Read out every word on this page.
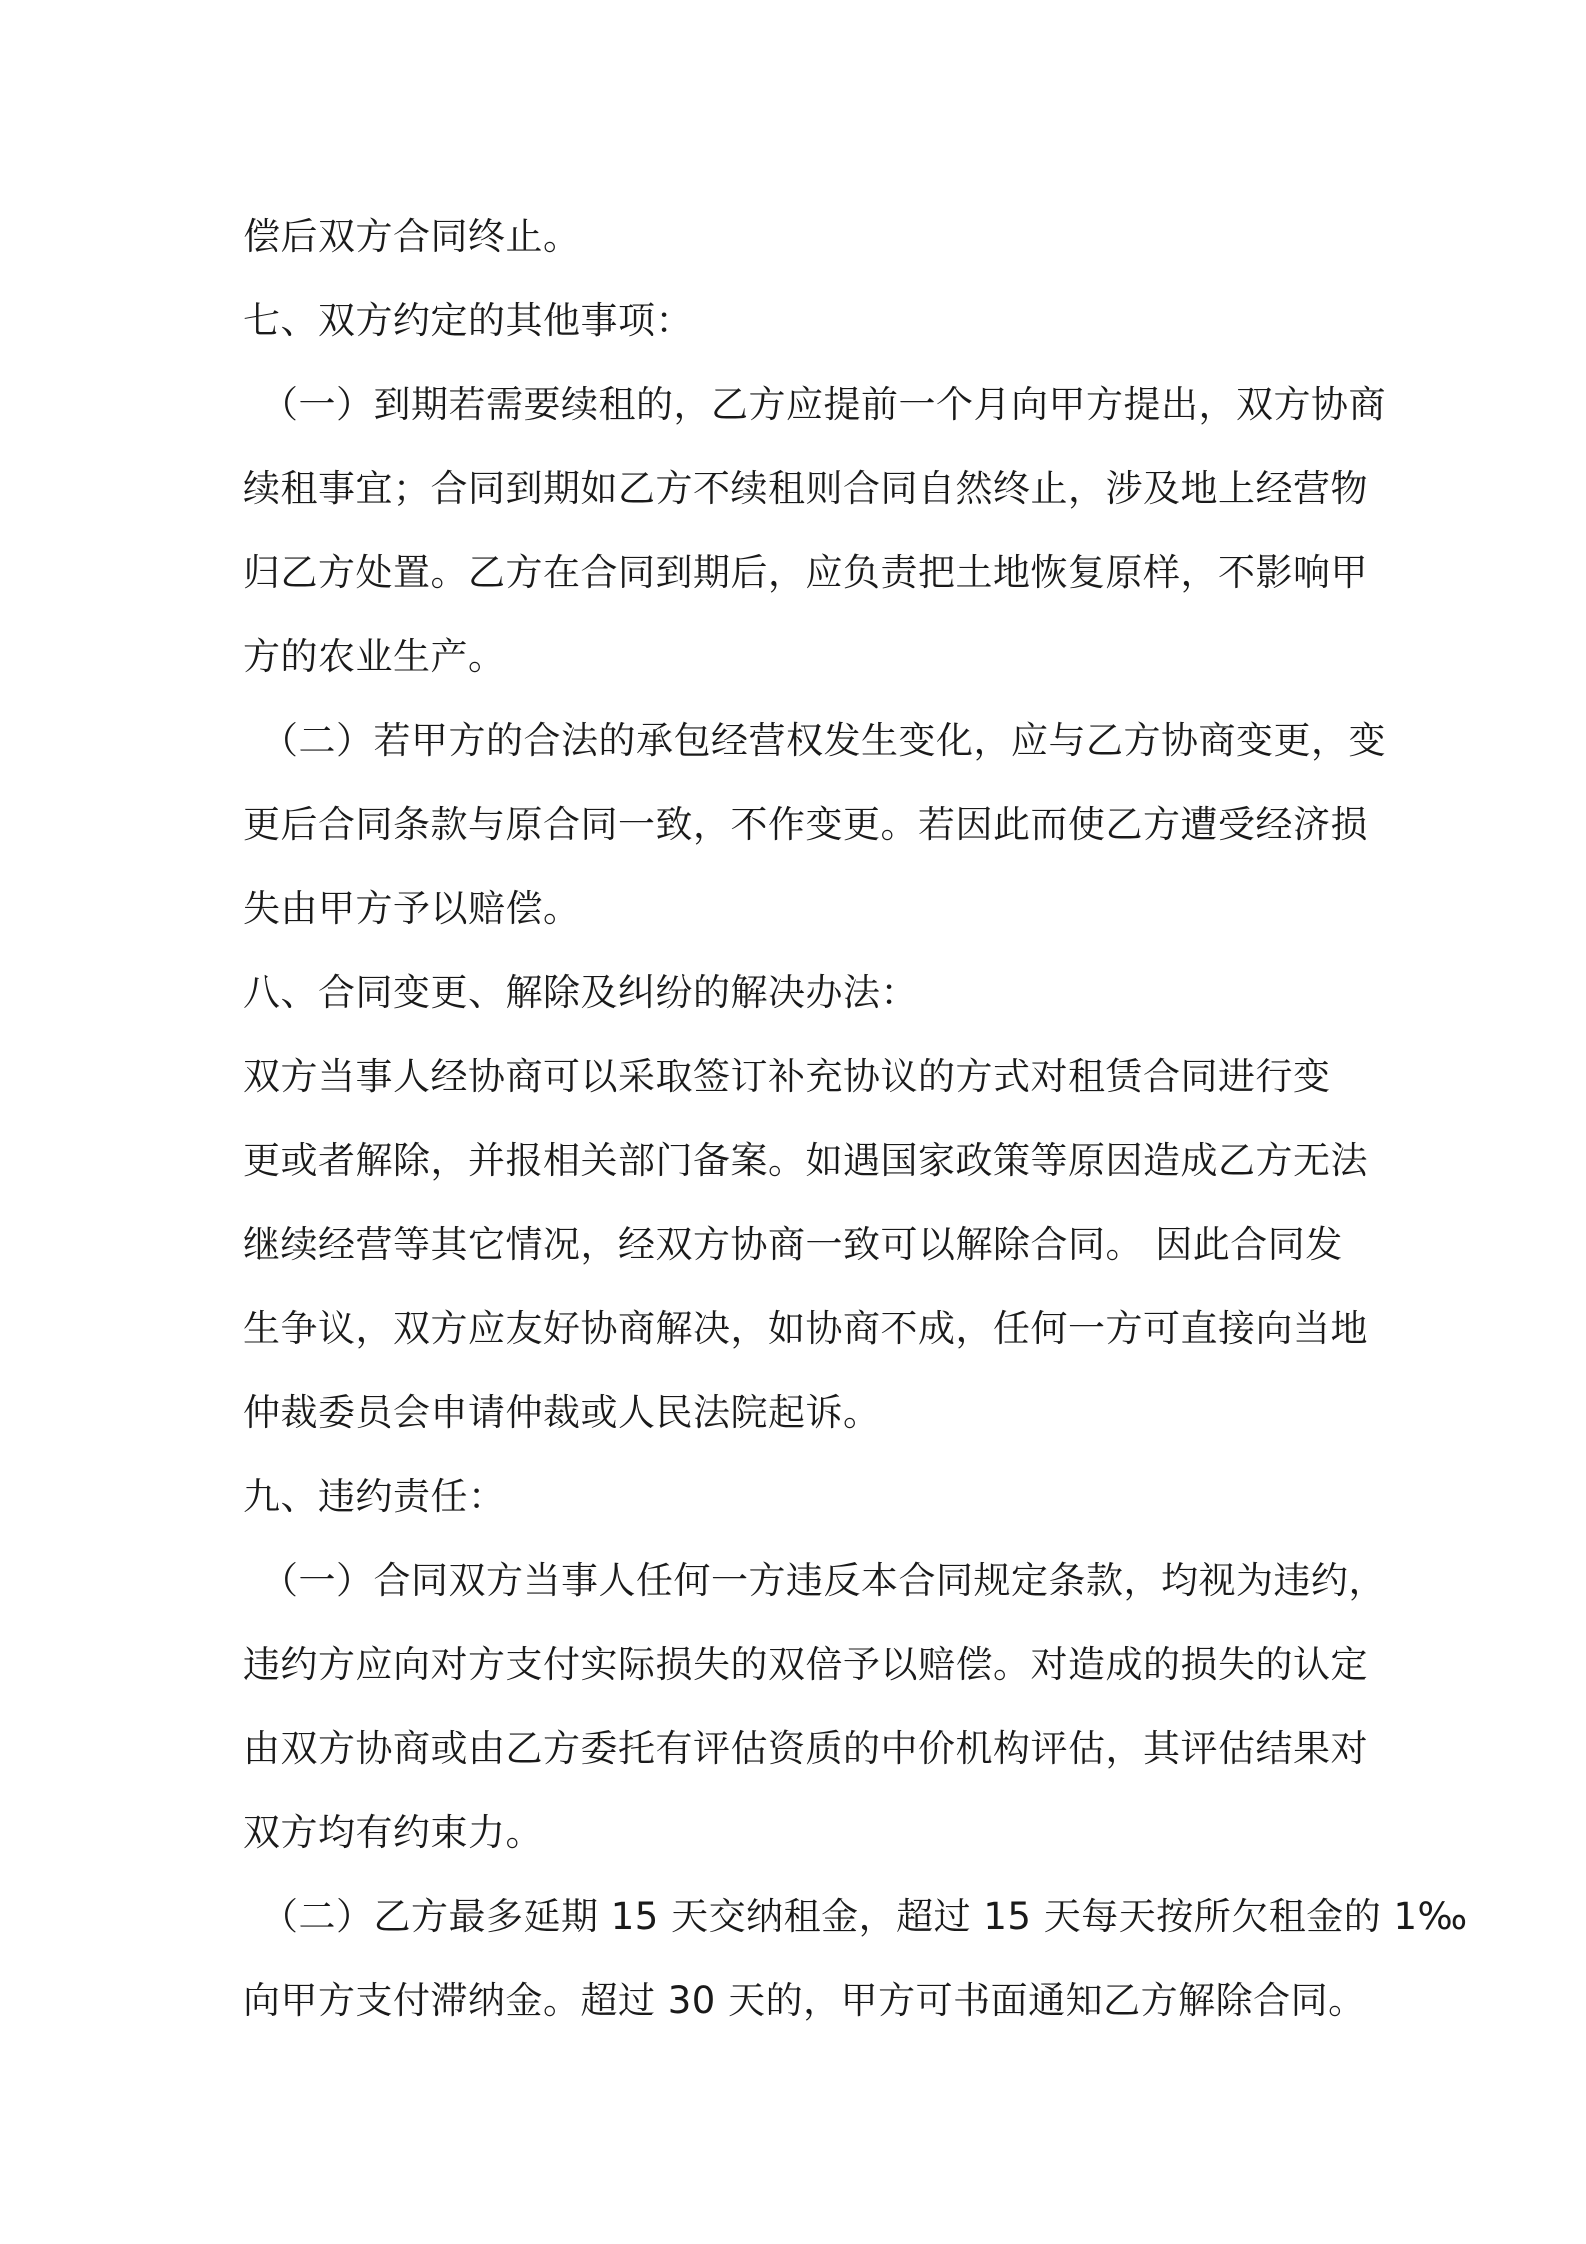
偿后双方合同终止。
七、双方约定的其他事项：
（一）到期若需要续租的，乙方应提前一个月向甲方提出，双方协商
续租事宜；合同到期如乙方不续租则合同自然终止，涉及地上经营物
归乙方处置。乙方在合同到期后，应负责把土地恢复原样，不影响甲
方的农业生产。
（二）若甲方的合法的承包经营权发生变化，应与乙方协商变更，变
更后合同条款与原合同一致，不作变更。若因此而使乙方遭受经济损
失由甲方予以赔偿。
八、合同变更、解除及纠纷的解决办法：
双方当事人经协商可以采取签订补充协议的方式对租赁合同进行变
更或者解除，并报相关部门备案。如遇国家政策等原因造成乙方无法
继续经营等其它情况，经双方协商一致可以解除合同。 因此合同发
生争议，双方应友好协商解决，如协商不成，任何一方可直接向当地
仲裁委员会申请仲裁或人民法院起诉。
九、违约责任：
（一）合同双方当事人任何一方违反本合同规定条款，均视为违约，
违约方应向对方支付实际损失的双倍予以赔偿。对造成的损失的认定
由双方协商或由乙方委托有评估资质的中价机构评估，其评估结果对
双方均有约束力。
（二）乙方最多延期 15 天交纳租金，超过 15 天每天按所欠租金的 1‰
向甲方支付滞纳金。超过 30 天的，甲方可书面通知乙方解除合同。
